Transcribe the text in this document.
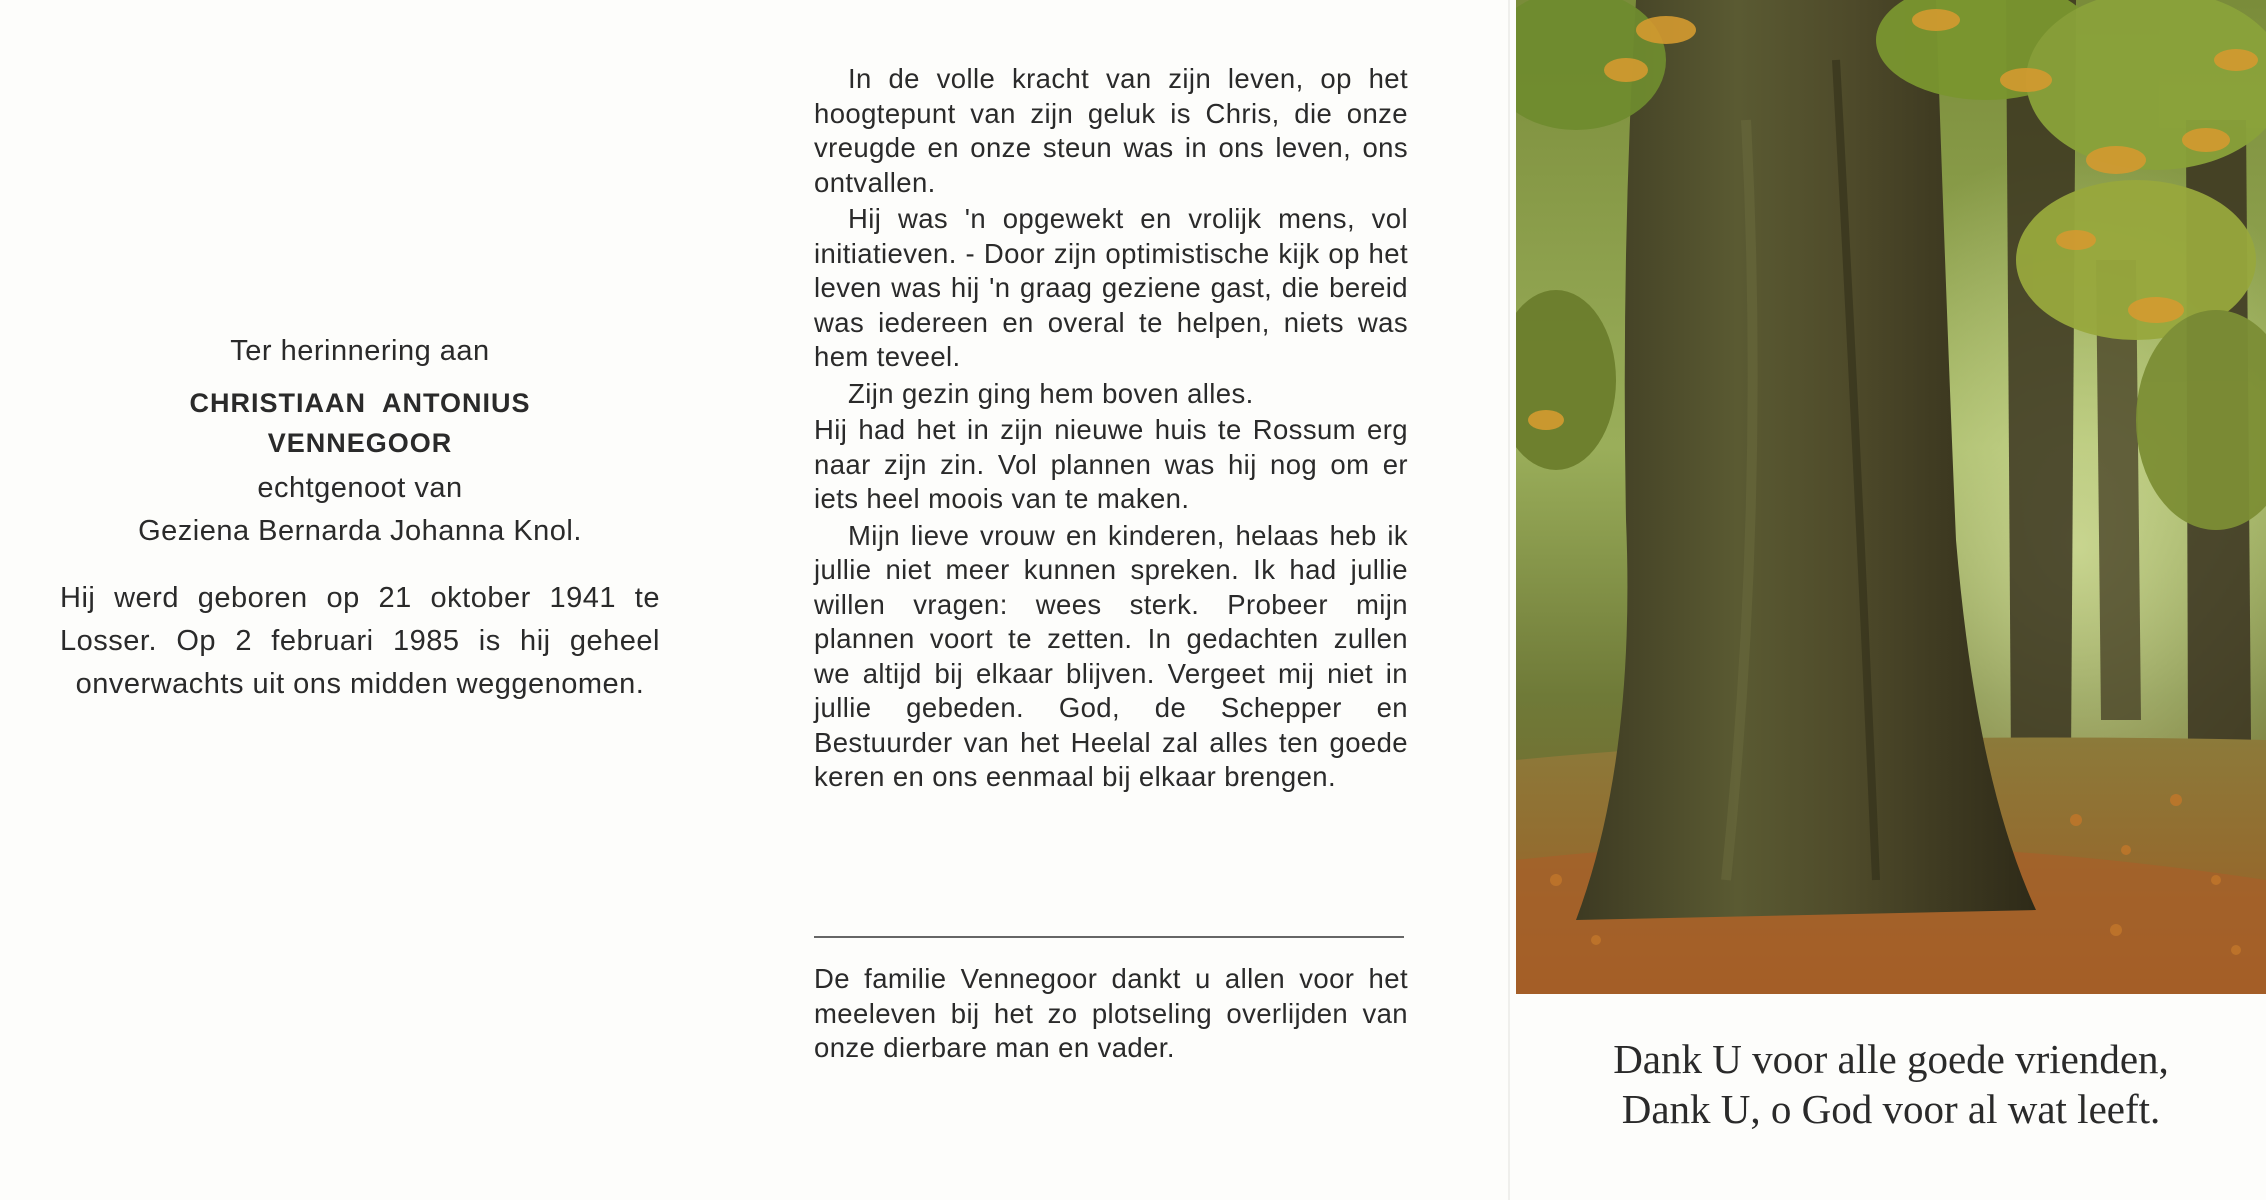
Ter herinnering aan
CHRISTIAAN  ANTONIUS
VENNEGOOR
echtgenoot van
Geziena Bernarda Johanna Knol.
Hij werd geboren op 21 oktober 1941 te Losser. Op 2 februari 1985 is hij geheel onverwachts uit ons midden weggenomen.

In de volle kracht van zijn leven, op het hoogtepunt van zijn geluk is Chris, die onze vreugde en onze steun was in ons leven, ons ontvallen.

Hij was 'n opgewekt en vrolijk mens, vol initiatieven. - Door zijn optimistische kijk op het leven was hij 'n graag geziene gast, die bereid was iedereen en overal te helpen, niets was hem teveel.

Zijn gezin ging hem boven alles.

Hij had het in zijn nieuwe huis te Rossum erg naar zijn zin. Vol plannen was hij nog om er iets heel moois van te maken.

Mijn lieve vrouw en kinderen, helaas heb ik jullie niet meer kunnen spreken. Ik had jullie willen vragen: wees sterk. Probeer mijn plannen voort te zetten. In gedachten zullen we altijd bij elkaar blijven. Vergeet mij niet in jullie gebeden. God, de Schepper en Bestuurder van het Heelal zal alles ten goede keren en ons eenmaal bij elkaar brengen.

De familie Vennegoor dankt u allen voor het meeleven bij het zo plotseling overlijden van onze dierbare man en vader.	Dank U voor alle goede vrienden,
Dank U, o God voor al wat leeft.
